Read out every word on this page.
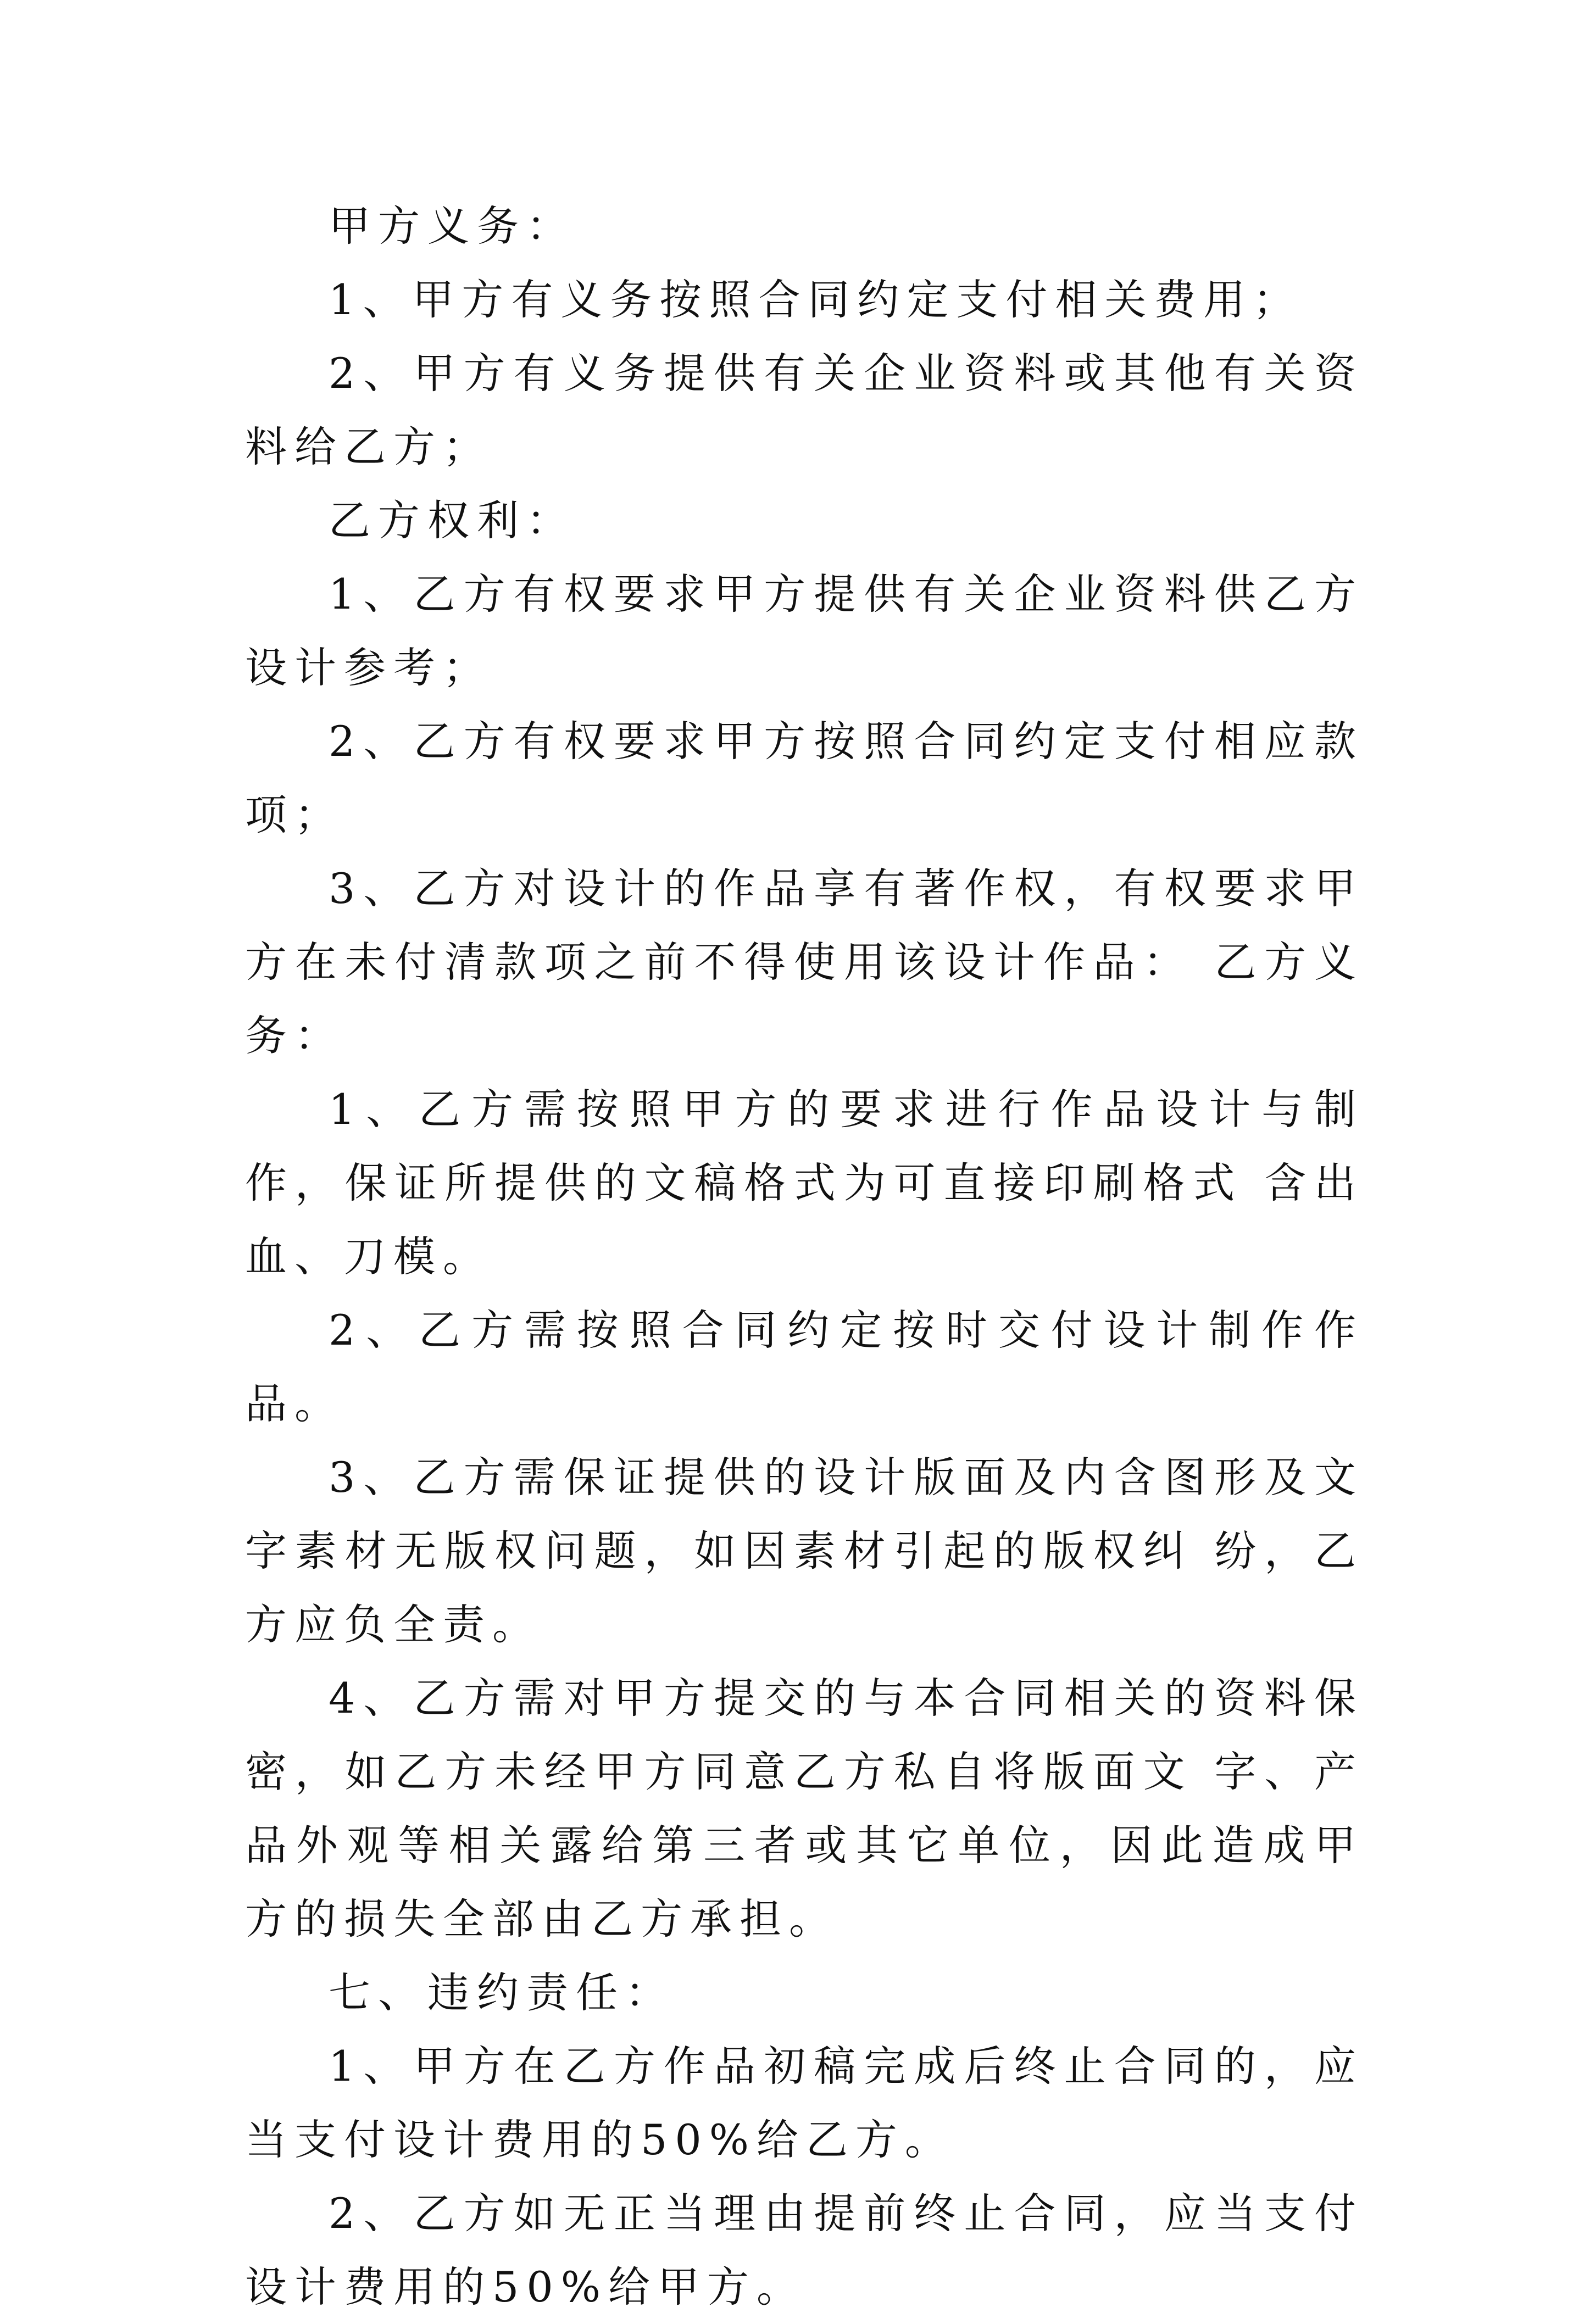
甲方义务：

1、甲方有义务按照合同约定支付相关费用；

2、甲方有义务提供有关企业资料或其他有关资料给乙方；

乙方权利：

1、乙方有权要求甲方提供有关企业资料供乙方设计参考；

2、乙方有权要求甲方按照合同约定支付相应款项；

3、乙方对设计的作品享有著作权，有权要求甲方在未付清款项之前不得使用该设计作品： 乙方义务：

1、乙方需按照甲方的要求进行作品设计与制作，保证所提供的文稿格式为可直接印刷格式 含出血、刀模。

2、乙方需按照合同约定按时交付设计制作作品。

3、乙方需保证提供的设计版面及内含图形及文字素材无版权问题，如因素材引起的版权纠 纷，乙方应负全责。

4、乙方需对甲方提交的与本合同相关的资料保密，如乙方未经甲方同意乙方私自将版面文 字、产品外观等相关露给第三者或其它单位，因此造成甲方的损失全部由乙方承担。

七、违约责任：

1、甲方在乙方作品初稿完成后终止合同的，应当支付设计费用的50%给乙方。

2、乙方如无正当理由提前终止合同，应当支付设计费用的50%给甲方。
